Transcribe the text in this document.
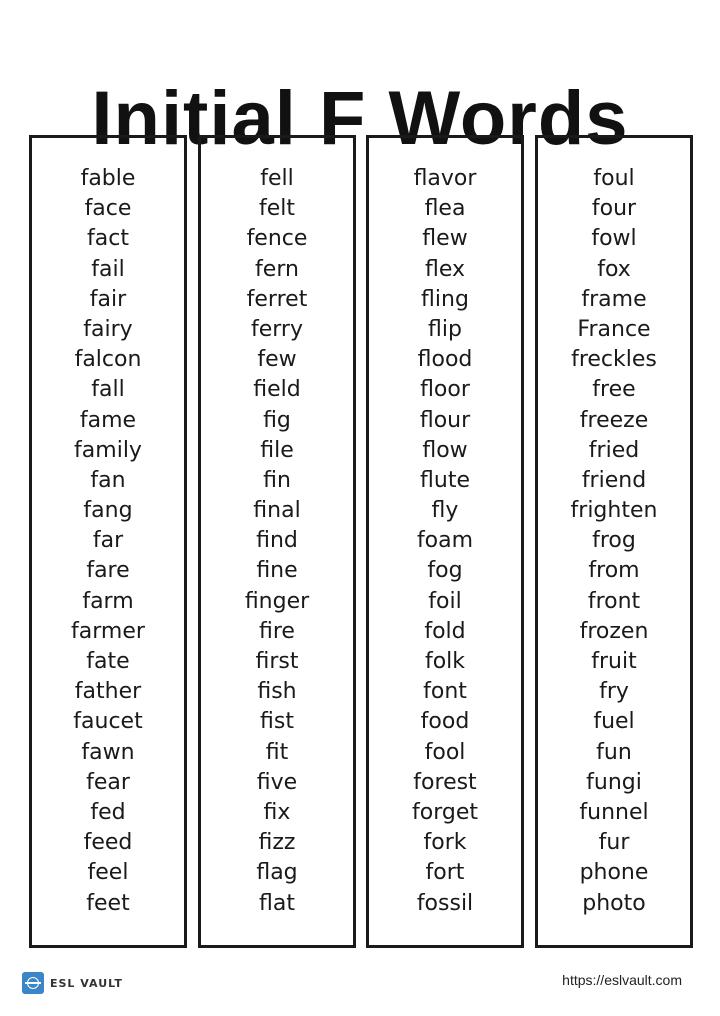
Initial F Words
fable
face
fact
fail
fair
fairy
falcon
fall
fame
family
fan
fang
far
fare
farm
farmer
fate
father
faucet
fawn
fear
fed
feed
feel
feet
fell
felt
fence
fern
ferret
ferry
few
field
fig
file
fin
final
find
fine
finger
fire
first
fish
fist
fit
five
fix
fizz
flag
flat
flavor
flea
flew
flex
fling
flip
flood
floor
flour
flow
flute
fly
foam
fog
foil
fold
folk
font
food
fool
forest
forget
fork
fort
fossil
foul
four
fowl
fox
frame
France
freckles
free
freeze
fried
friend
frighten
frog
from
front
frozen
fruit
fry
fuel
fun
fungi
funnel
fur
phone
photo
ESL VAULT	https://eslvault.com
